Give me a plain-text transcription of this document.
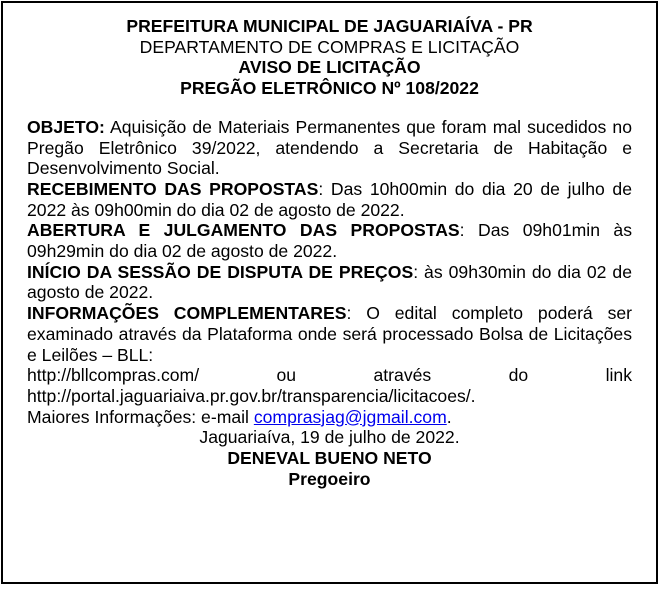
PREFEITURA MUNICIPAL DE JAGUARIAÍVA - PR
DEPARTAMENTO DE COMPRAS E LICITAÇÃO
AVISO DE LICITAÇÃO
PREGÃO ELETRÔNICO Nº 108/2022
OBJETO: Aquisição de Materiais Permanentes que foram mal sucedidos no Pregão Eletrônico 39/2022, atendendo a Secretaria de Habitação e Desenvolvimento Social.
RECEBIMENTO DAS PROPOSTAS: Das 10h00min do dia 20 de julho de 2022 às 09h00min do dia 02 de agosto de 2022.
ABERTURA E JULGAMENTO DAS PROPOSTAS: Das 09h01min às 09h29min do dia 02 de agosto de 2022.
INÍCIO DA SESSÃO DE DISPUTA DE PREÇOS: às 09h30min do dia 02 de agosto de 2022.
INFORMAÇÕES COMPLEMENTARES: O edital completo poderá ser examinado através da Plataforma onde será processado Bolsa de Licitações e Leilões – BLL:
http://bllcompras.com/ ou através do link
http://portal.jaguariaiva.pr.gov.br/transparencia/licitacoes/.
Maiores Informações: e-mail comprasjag@jgmail.com.
Jaguariaíva, 19 de julho de 2022.
DENEVAL BUENO NETO
Pregoeiro
